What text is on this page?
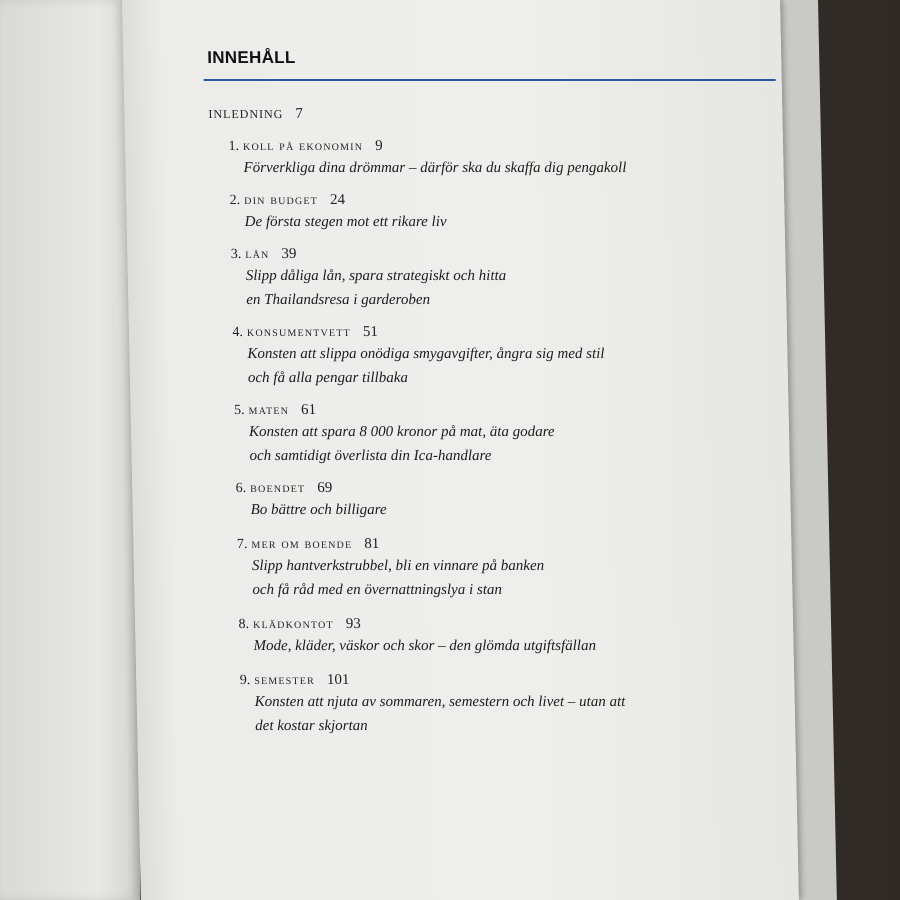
INNEHÅLL
INLEDNING 7
1. koll på ekonomin 9
Förverkliga dina drömmar – därför ska du skaffa dig pengakoll
2. din budget 24
De första stegen mot ett rikare liv
3. lån 39
Slipp dåliga lån, spara strategiskt och hitta
en Thailandsresa i garderoben
4. konsumentvett 51
Konsten att slippa onödiga smygavgifter, ångra sig med stil
och få alla pengar tillbaka
5. maten 61
Konsten att spara 8 000 kronor på mat, äta godare
och samtidigt överlista din Ica-handlare
6. boendet 69
Bo bättre och billigare
7. mer om boende 81
Slipp hantverkstrubbel, bli en vinnare på banken
och få råd med en övernattningslya i stan
8. klädkontot 93
Mode, kläder, väskor och skor – den glömda utgiftsfällan
9. semester 101
Konsten att njuta av sommaren, semestern och livet – utan att
det kostar skjortan
